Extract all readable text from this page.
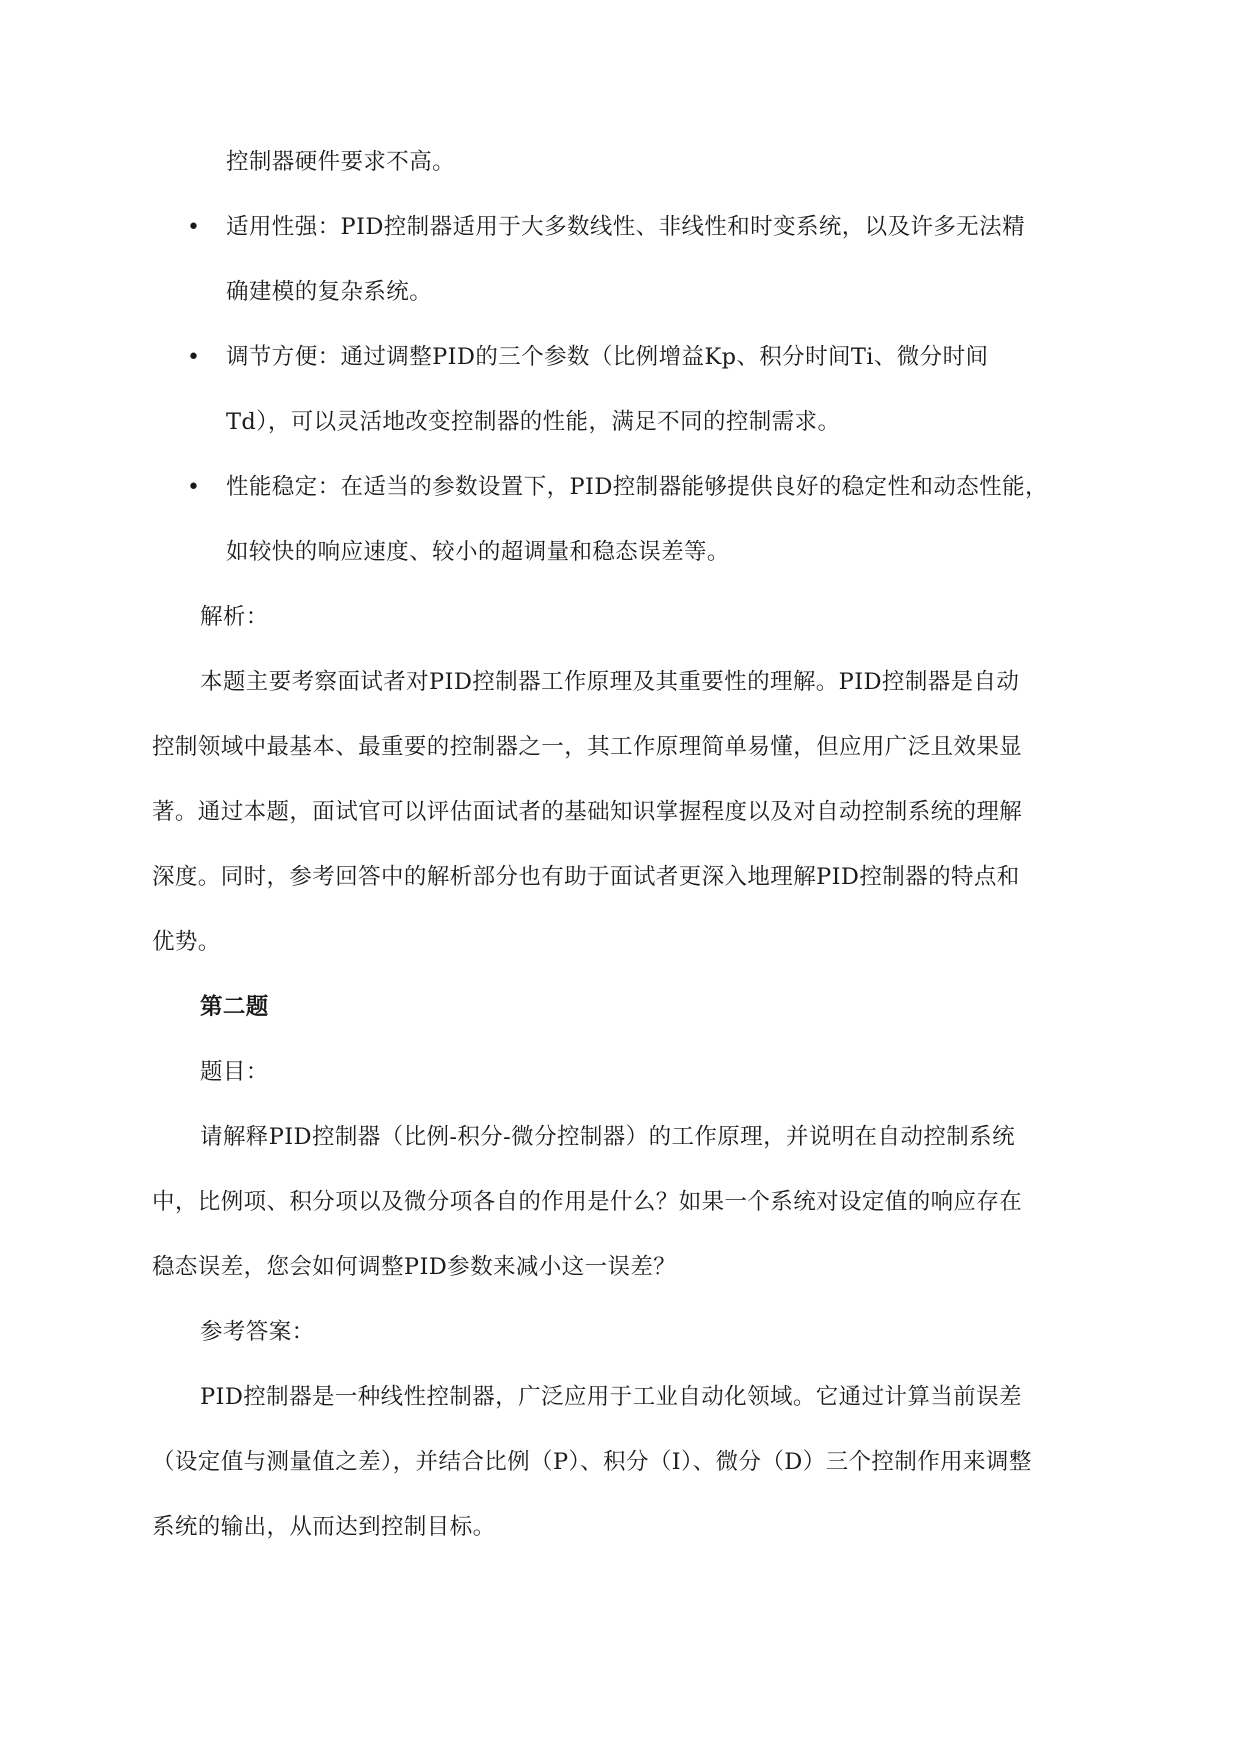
控制器硬件要求不高。
• 适用性强：PID控制器适用于大多数线性、非线性和时变系统，以及许多无法精
确建模的复杂系统。
• 调节方便：通过调整PID的三个参数（比例增益Kp、积分时间Ti、微分时间
Td），可以灵活地改变控制器的性能，满足不同的控制需求。
• 性能稳定：在适当的参数设置下，PID控制器能够提供良好的稳定性和动态性能，
如较快的响应速度、较小的超调量和稳态误差等。
解析：
本题主要考察面试者对PID控制器工作原理及其重要性的理解。PID控制器是自动
控制领域中最基本、最重要的控制器之一，其工作原理简单易懂，但应用广泛且效果显
著。通过本题，面试官可以评估面试者的基础知识掌握程度以及对自动控制系统的理解
深度。同时，参考回答中的解析部分也有助于面试者更深入地理解PID控制器的特点和
优势。
第二题
题目：
请解释PID控制器（比例-积分-微分控制器）的工作原理，并说明在自动控制系统
中，比例项、积分项以及微分项各自的作用是什么？如果一个系统对设定值的响应存在
稳态误差，您会如何调整PID参数来减小这一误差？
参考答案：
PID控制器是一种线性控制器，广泛应用于工业自动化领域。它通过计算当前误差
（设定值与测量值之差），并结合比例（P）、积分（I）、微分（D）三个控制作用来调整
系统的输出，从而达到控制目标。
